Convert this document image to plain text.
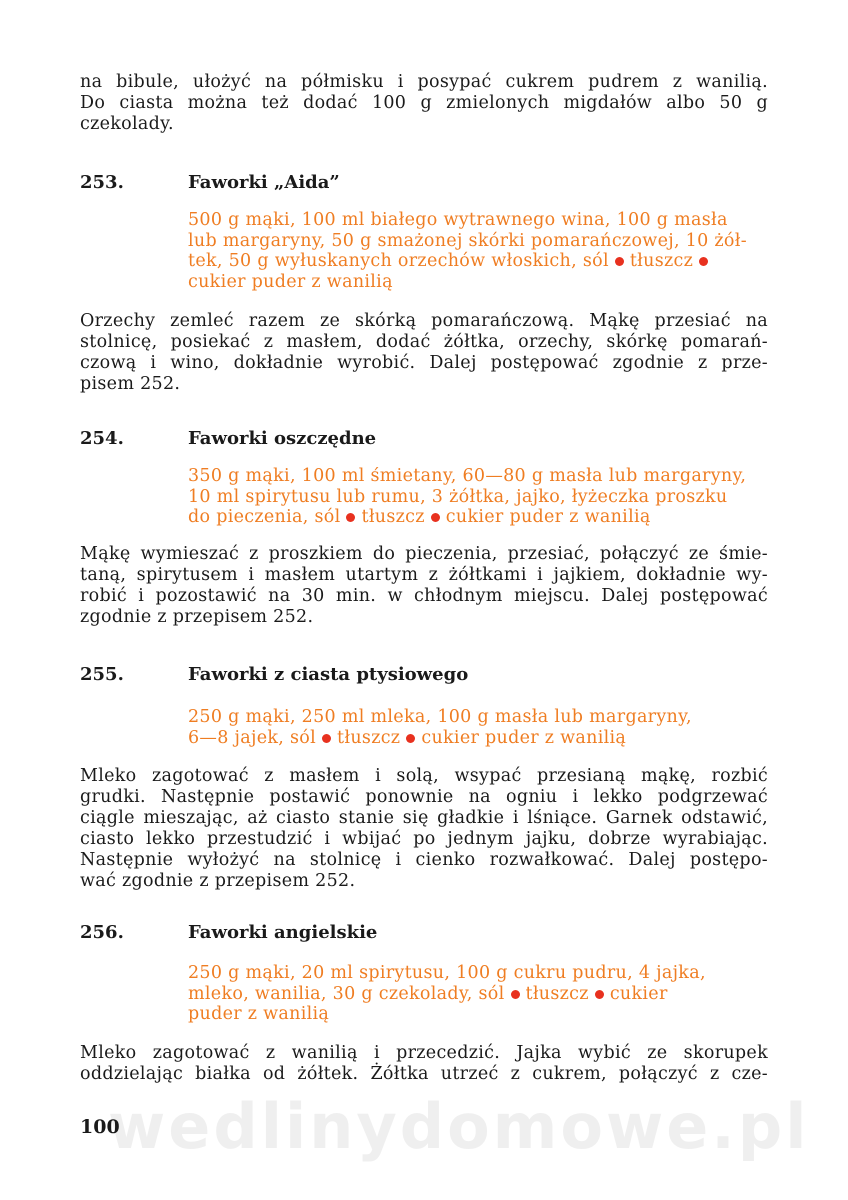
na bibule, ułożyć na półmisku i posypać cukrem pudrem z wanilią.
Do ciasta można też dodać 100 g zmielonych migdałów albo 50 g
czekolady.
253.	Faworki „Aida”
500 g mąki, 100 ml białego wytrawnego wina, 100 g masła
lub margaryny, 50 g smażonej skórki pomarańczowej, 10 żół-
tek, 50 g wyłuskanych orzechów włoskich, sól tłuszcz
cukier puder z wanilią
Orzechy zemleć razem ze skórką pomarańczową. Mąkę przesiać na
stolnicę, posiekać z masłem, dodać żółtka, orzechy, skórkę pomarań-
czową i wino, dokładnie wyrobić. Dalej postępować zgodnie z prze-
pisem 252.
254.	Faworki oszczędne
350 g mąki, 100 ml śmietany, 60—80 g masła lub margaryny,
10 ml spirytusu lub rumu, 3 żółtka, jajko, łyżeczka proszku
do pieczenia, sól tłuszcz cukier puder z wanilią
Mąkę wymieszać z proszkiem do pieczenia, przesiać, połączyć ze śmie-
taną, spirytusem i masłem utartym z żółtkami i jajkiem, dokładnie wy-
robić i pozostawić na 30 min. w chłodnym miejscu. Dalej postępować
zgodnie z przepisem 252.
255.	Faworki z ciasta ptysiowego
250 g mąki, 250 ml mleka, 100 g masła lub margaryny,
6—8 jajek, sól tłuszcz cukier puder z wanilią
Mleko zagotować z masłem i solą, wsypać przesianą mąkę, rozbić
grudki. Następnie postawić ponownie na ogniu i lekko podgrzewać
ciągle mieszając, aż ciasto stanie się gładkie i lśniące. Garnek odstawić,
ciasto lekko przestudzić i wbijać po jednym jajku, dobrze wyrabiając.
Następnie wyłożyć na stolnicę i cienko rozwałkować. Dalej postępo-
wać zgodnie z przepisem 252.
256.	Faworki angielskie
250 g mąki, 20 ml spirytusu, 100 g cukru pudru, 4 jajka,
mleko, wanilia, 30 g czekolady, sól tłuszcz cukier
puder z wanilią
Mleko zagotować z wanilią i przecedzić. Jajka wybić ze skorupek
oddzielając białka od żółtek. Żółtka utrzeć z cukrem, połączyć z cze-
wedlinydomowe.pl
100
